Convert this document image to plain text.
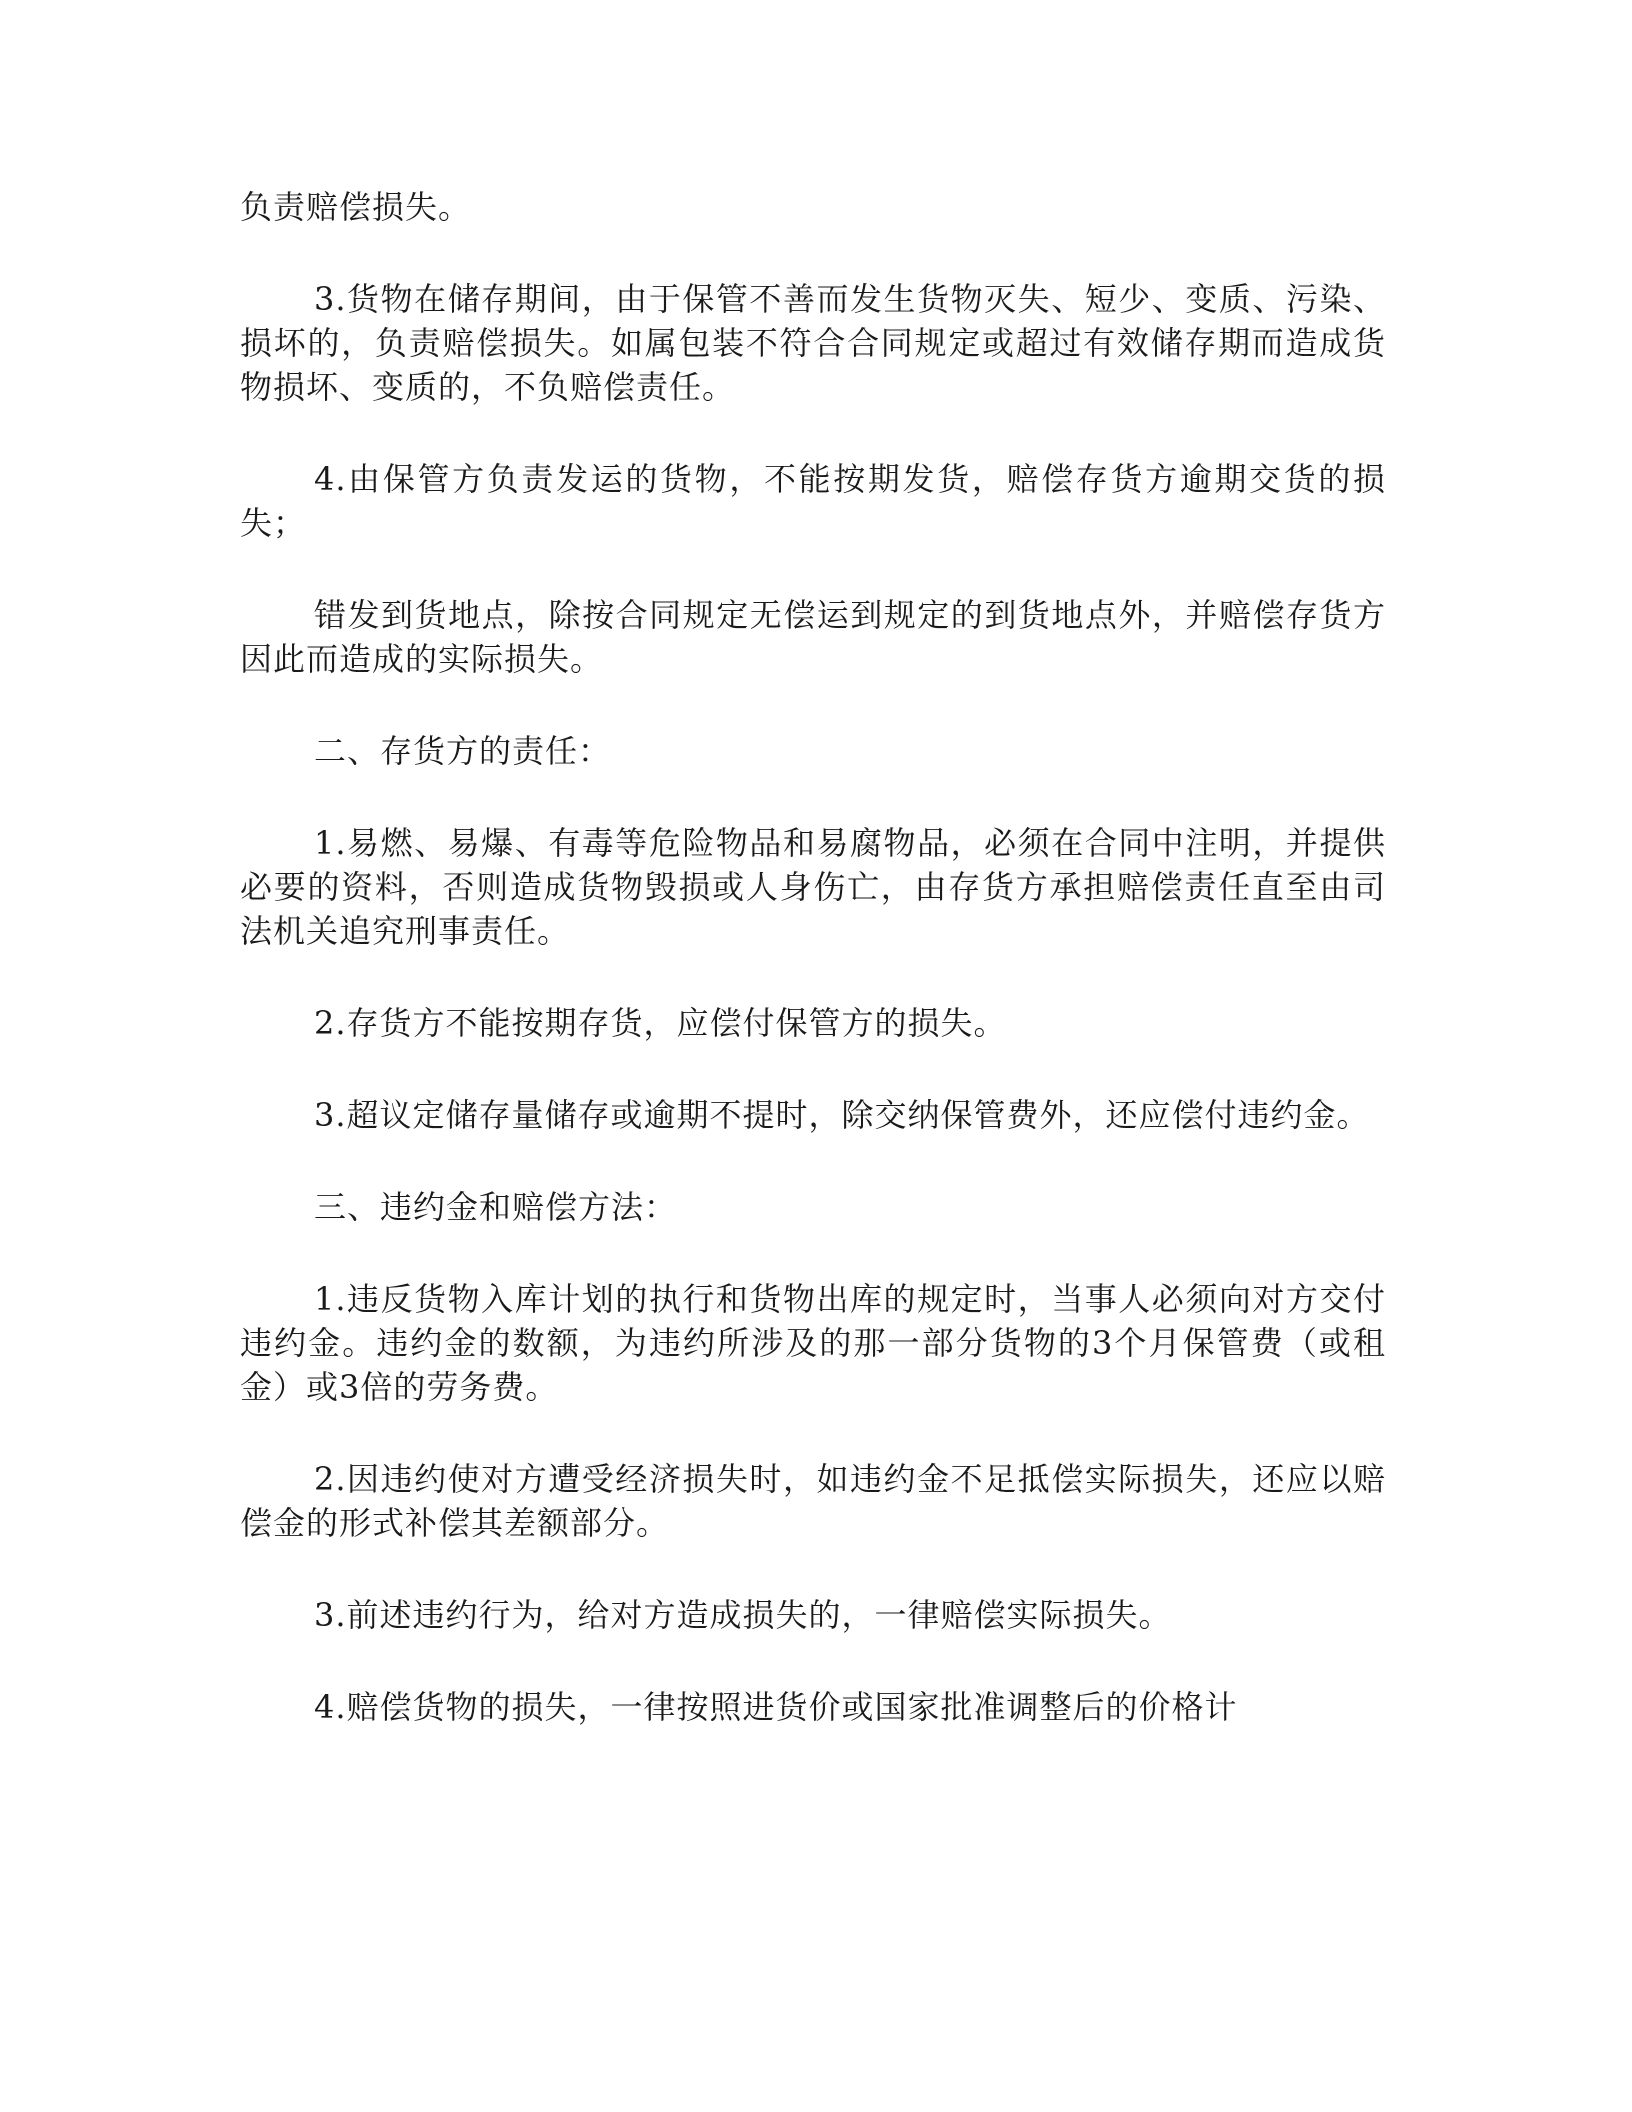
负责赔偿损失。

3.货物在储存期间，由于保管不善而发生货物灭失、短少、变质、污染、损坏的，负责赔偿损失。如属包装不符合合同规定或超过有效储存期而造成货物损坏、变质的，不负赔偿责任。

4.由保管方负责发运的货物，不能按期发货，赔偿存货方逾期交货的损失；

错发到货地点，除按合同规定无偿运到规定的到货地点外，并赔偿存货方因此而造成的实际损失。

二、存货方的责任：

1.易燃、易爆、有毒等危险物品和易腐物品，必须在合同中注明，并提供必要的资料，否则造成货物毁损或人身伤亡，由存货方承担赔偿责任直至由司法机关追究刑事责任。

2.存货方不能按期存货，应偿付保管方的损失。

3.超议定储存量储存或逾期不提时，除交纳保管费外，还应偿付违约金。

三、违约金和赔偿方法：

1.违反货物入库计划的执行和货物出库的规定时，当事人必须向对方交付违约金。违约金的数额，为违约所涉及的那一部分货物的3个月保管费（或租金）或3倍的劳务费。

2.因违约使对方遭受经济损失时，如违约金不足抵偿实际损失，还应以赔偿金的形式补偿其差额部分。

3.前述违约行为，给对方造成损失的，一律赔偿实际损失。

4.赔偿货物的损失，一律按照进货价或国家批准调整后的价格计
